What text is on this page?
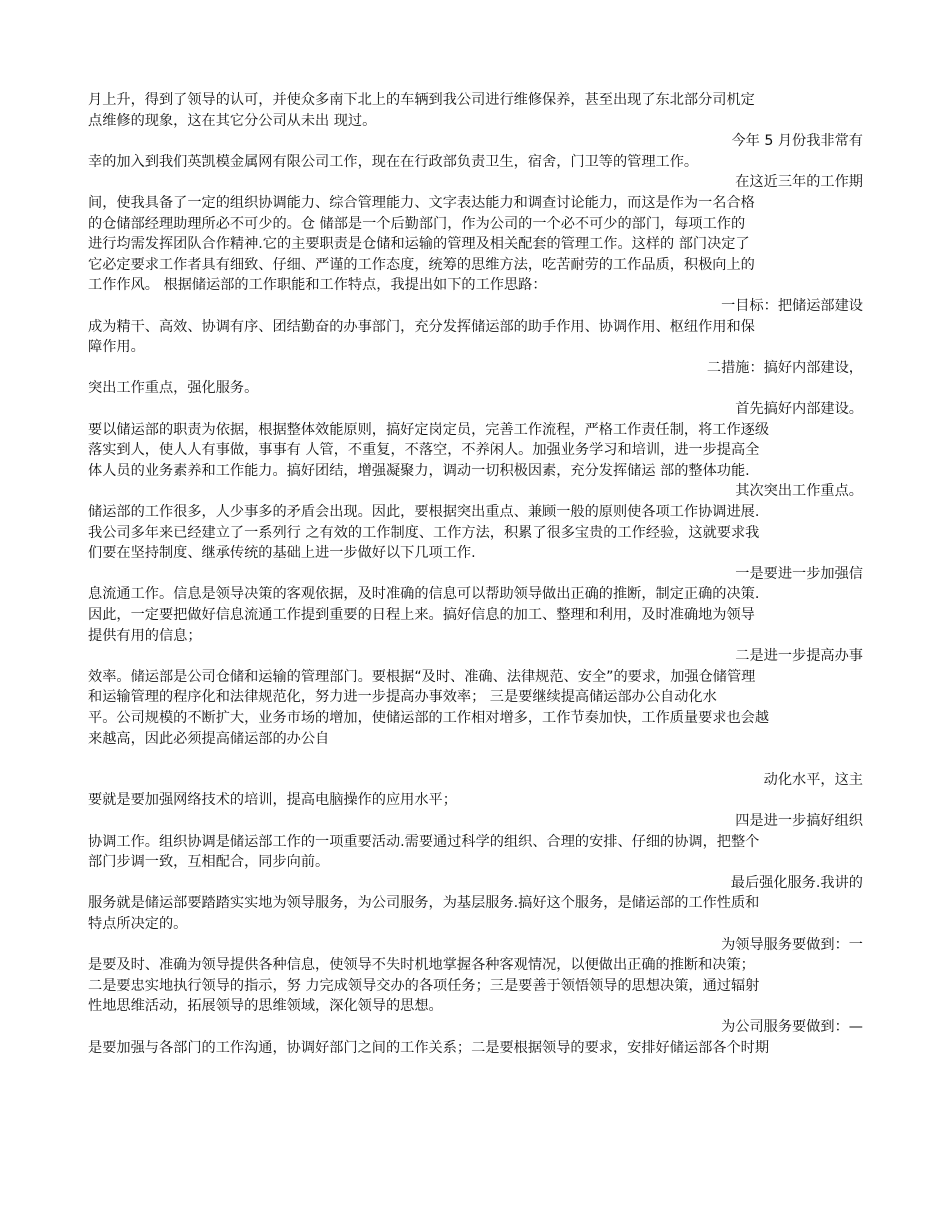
月上升，得到了领导的认可，并使众多南下北上的车辆到我公司进行维修保养，甚至出现了东北部分司机定
点维修的现象，这在其它分公司从未出 现过。
今年 5 月份我非常有
幸的加入到我们英凯模金属网有限公司工作，现在在行政部负责卫生，宿舍，门卫等的管理工作。
在这近三年的工作期
间，使我具备了一定的组织协调能力、综合管理能力、文字表达能力和调查讨论能力，而这是作为一名合格
的仓储部经理助理所必不可少的。仓 储部是一个后勤部门，作为公司的一个必不可少的部门，每项工作的
进行均需发挥团队合作精神.它的主要职责是仓储和运输的管理及相关配套的管理工作。这样的 部门决定了
它必定要求工作者具有细致、仔细、严谨的工作态度，统筹的思维方法，吃苦耐劳的工作品质，积极向上的
工作作风。 根据储运部的工作职能和工作特点，我提出如下的工作思路：
一目标：把储运部建设
成为精干、高效、协调有序、团结勤奋的办事部门，充分发挥储运部的助手作用、协调作用、枢纽作用和保
障作用。
二措施：搞好内部建设，
突出工作重点，强化服务。
首先搞好内部建设。
要以储运部的职责为依据，根据整体效能原则，搞好定岗定员，完善工作流程，严格工作责任制，将工作逐级
落实到人，使人人有事做，事事有 人管，不重复，不落空，不养闲人。加强业务学习和培训，进一步提高全
体人员的业务素养和工作能力。搞好团结，增强凝聚力，调动一切积极因素，充分发挥储运 部的整体功能.
其次突出工作重点。
储运部的工作很多，人少事多的矛盾会出现。因此，要根据突出重点、兼顾一般的原则使各项工作协调进展.
我公司多年来已经建立了一系列行 之有效的工作制度、工作方法，积累了很多宝贵的工作经验，这就要求我
们要在坚持制度、继承传统的基础上进一步做好以下几项工作.
一是要进一步加强信
息流通工作。信息是领导决策的客观依据，及时准确的信息可以帮助领导做出正确的推断，制定正确的决策.
因此，一定要把做好信息流通工作提到重要的日程上来。搞好信息的加工、整理和利用，及时准确地为领导
提供有用的信息；
二是进一步提高办事
效率。储运部是公司仓储和运输的管理部门。要根据“及时、准确、法律规范、安全”的要求，加强仓储管理
和运输管理的程序化和法律规范化，努力进一步提高办事效率； 三是要继续提高储运部办公自动化水
平。公司规模的不断扩大，业务市场的增加，使储运部的工作相对增多，工作节奏加快，工作质量要求也会越
来越高，因此必须提高储运部的办公自
动化水平，这主
要就是要加强网络技术的培训，提高电脑操作的应用水平；
四是进一步搞好组织
协调工作。组织协调是储运部工作的一项重要活动.需要通过科学的组织、合理的安排、仔细的协调，把整个
部门步调一致，互相配合，同步向前。
最后强化服务.我讲的
服务就是储运部要踏踏实实地为领导服务，为公司服务，为基层服务.搞好这个服务，是储运部的工作性质和
特点所决定的。
为领导服务要做到：一
是要及时、准确为领导提供各种信息，使领导不失时机地掌握各种客观情况，以便做出正确的推断和决策；
二是要忠实地执行领导的指示，努 力完成领导交办的各项任务；三是要善于领悟领导的思想决策，通过辐射
性地思维活动，拓展领导的思维领域，深化领导的思想。
为公司服务要做到：—
是要加强与各部门的工作沟通，协调好部门之间的工作关系；二是要根据领导的要求，安排好储运部各个时期
